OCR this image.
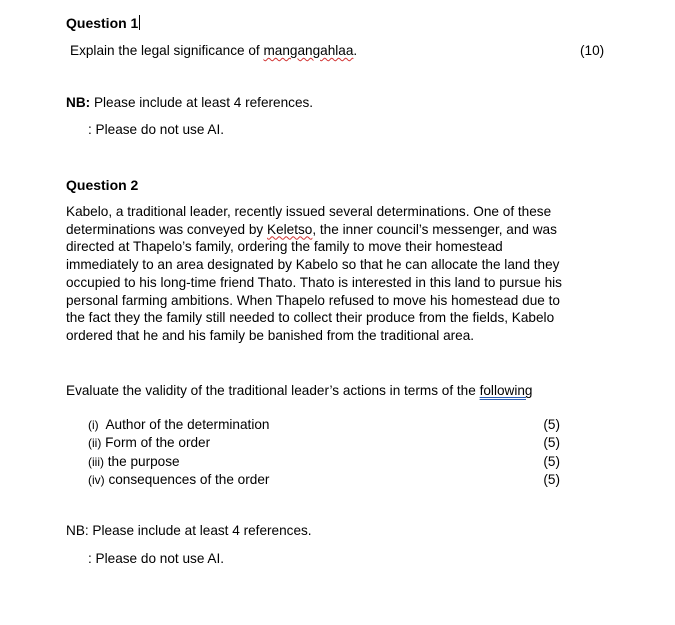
Question 1
Explain the legal significance of mangangahlaa.	(10)
NB: Please include at least 4 references.
: Please do not use AI.
Question 2
Kabelo, a traditional leader, recently issued several determinations. One of these
determinations was conveyed by Keletso, the inner council’s messenger, and was
directed at Thapelo’s family, ordering the family to move their homestead
immediately to an area designated by Kabelo so that he can allocate the land they
occupied to his long-time friend Thato. Thato is interested in this land to pursue his
personal farming ambitions. When Thapelo refused to move his homestead due to
the fact they the family still needed to collect their produce from the fields, Kabelo
ordered that he and his family be banished from the traditional area.
Evaluate the validity of the traditional leader’s actions in terms of the following
(i)  Author of the determination	(5)
(ii) Form of the order	(5)
(iii) the purpose	(5)
(iv) consequences of the order	(5)
NB: Please include at least 4 references.
: Please do not use AI.
